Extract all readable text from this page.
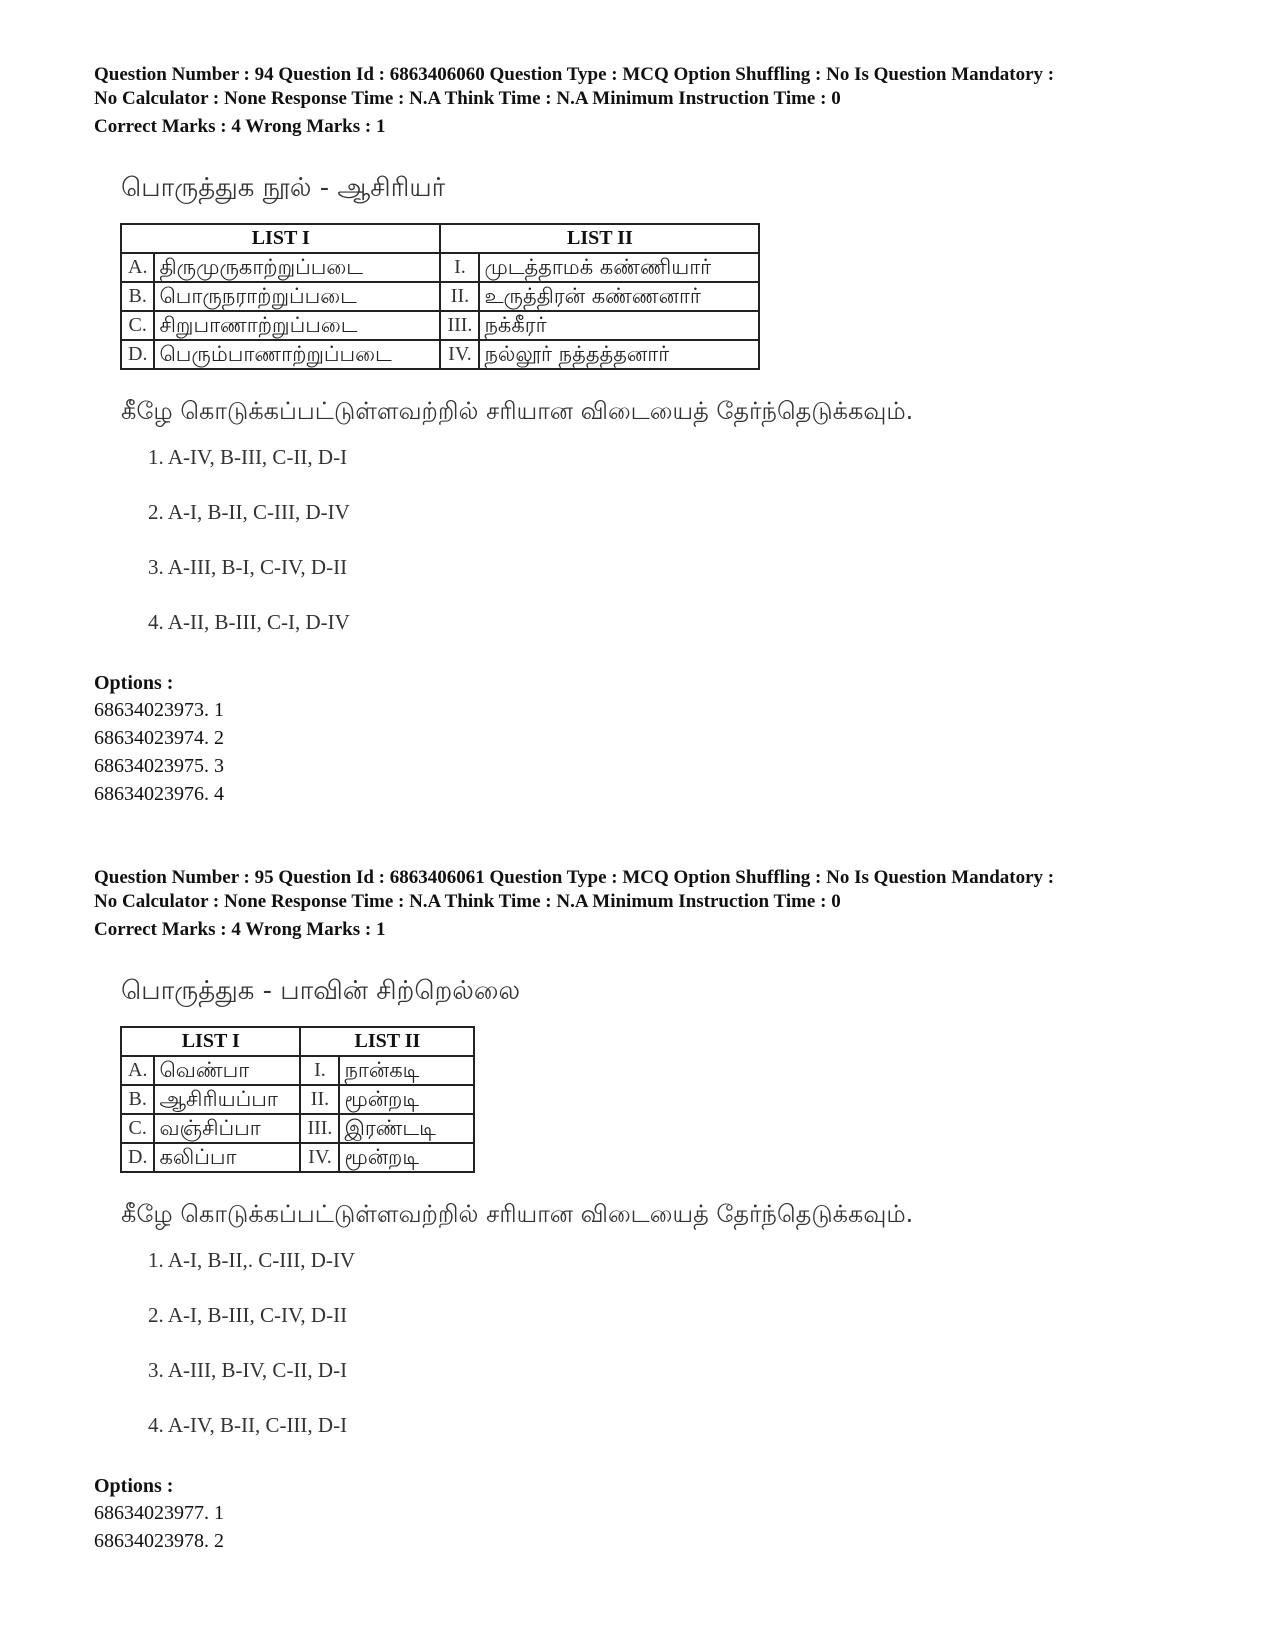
Question Number : 94 Question Id : 6863406060 Question Type : MCQ Option Shuffling : No Is Question Mandatory :
No Calculator : None Response Time : N.A Think Time : N.A Minimum Instruction Time : 0
Correct Marks : 4 Wrong Marks : 1
பொருத்துக நூல் - ஆசிரியர்
LIST I		LIST II	
A.	திருமுருகாற்றுப்படை	I.	முடத்தாமக் கண்ணியார்
B.	பொருநராற்றுப்படை	II.	உருத்திரன் கண்ணனார்
C.	சிறுபாணாற்றுப்படை	III.	நக்கீரர்
D.	பெரும்பாணாற்றுப்படை	IV.	நல்லூர் நத்தத்தனார்
கீழே கொடுக்கப்பட்டுள்ளவற்றில் சரியான விடையைத் தேர்ந்தெடுக்கவும்.
1. A-IV, B-III, C-II, D-I
2. A-I, B-II, C-III, D-IV
3. A-III, B-I, C-IV, D-II
4. A-II, B-III, C-I, D-IV
Options :
68634023973. 1
68634023974. 2
68634023975. 3
68634023976. 4
Question Number : 95 Question Id : 6863406061 Question Type : MCQ Option Shuffling : No Is Question Mandatory :
No Calculator : None Response Time : N.A Think Time : N.A Minimum Instruction Time : 0
Correct Marks : 4 Wrong Marks : 1
பொருத்துக - பாவின் சிற்றெல்லை
LIST I		LIST II	
A.	வெண்பா	I.	நான்கடி
B.	ஆசிரியப்பா	II.	மூன்றடி
C.	வஞ்சிப்பா	III.	இரண்டடி
D.	கலிப்பா	IV.	மூன்றடி
கீழே கொடுக்கப்பட்டுள்ளவற்றில் சரியான விடையைத் தேர்ந்தெடுக்கவும்.
1. A-I, B-II,. C-III, D-IV
2. A-I, B-III, C-IV, D-II
3. A-III, B-IV, C-II, D-I
4. A-IV, B-II, C-III, D-I
Options :
68634023977. 1
68634023978. 2
